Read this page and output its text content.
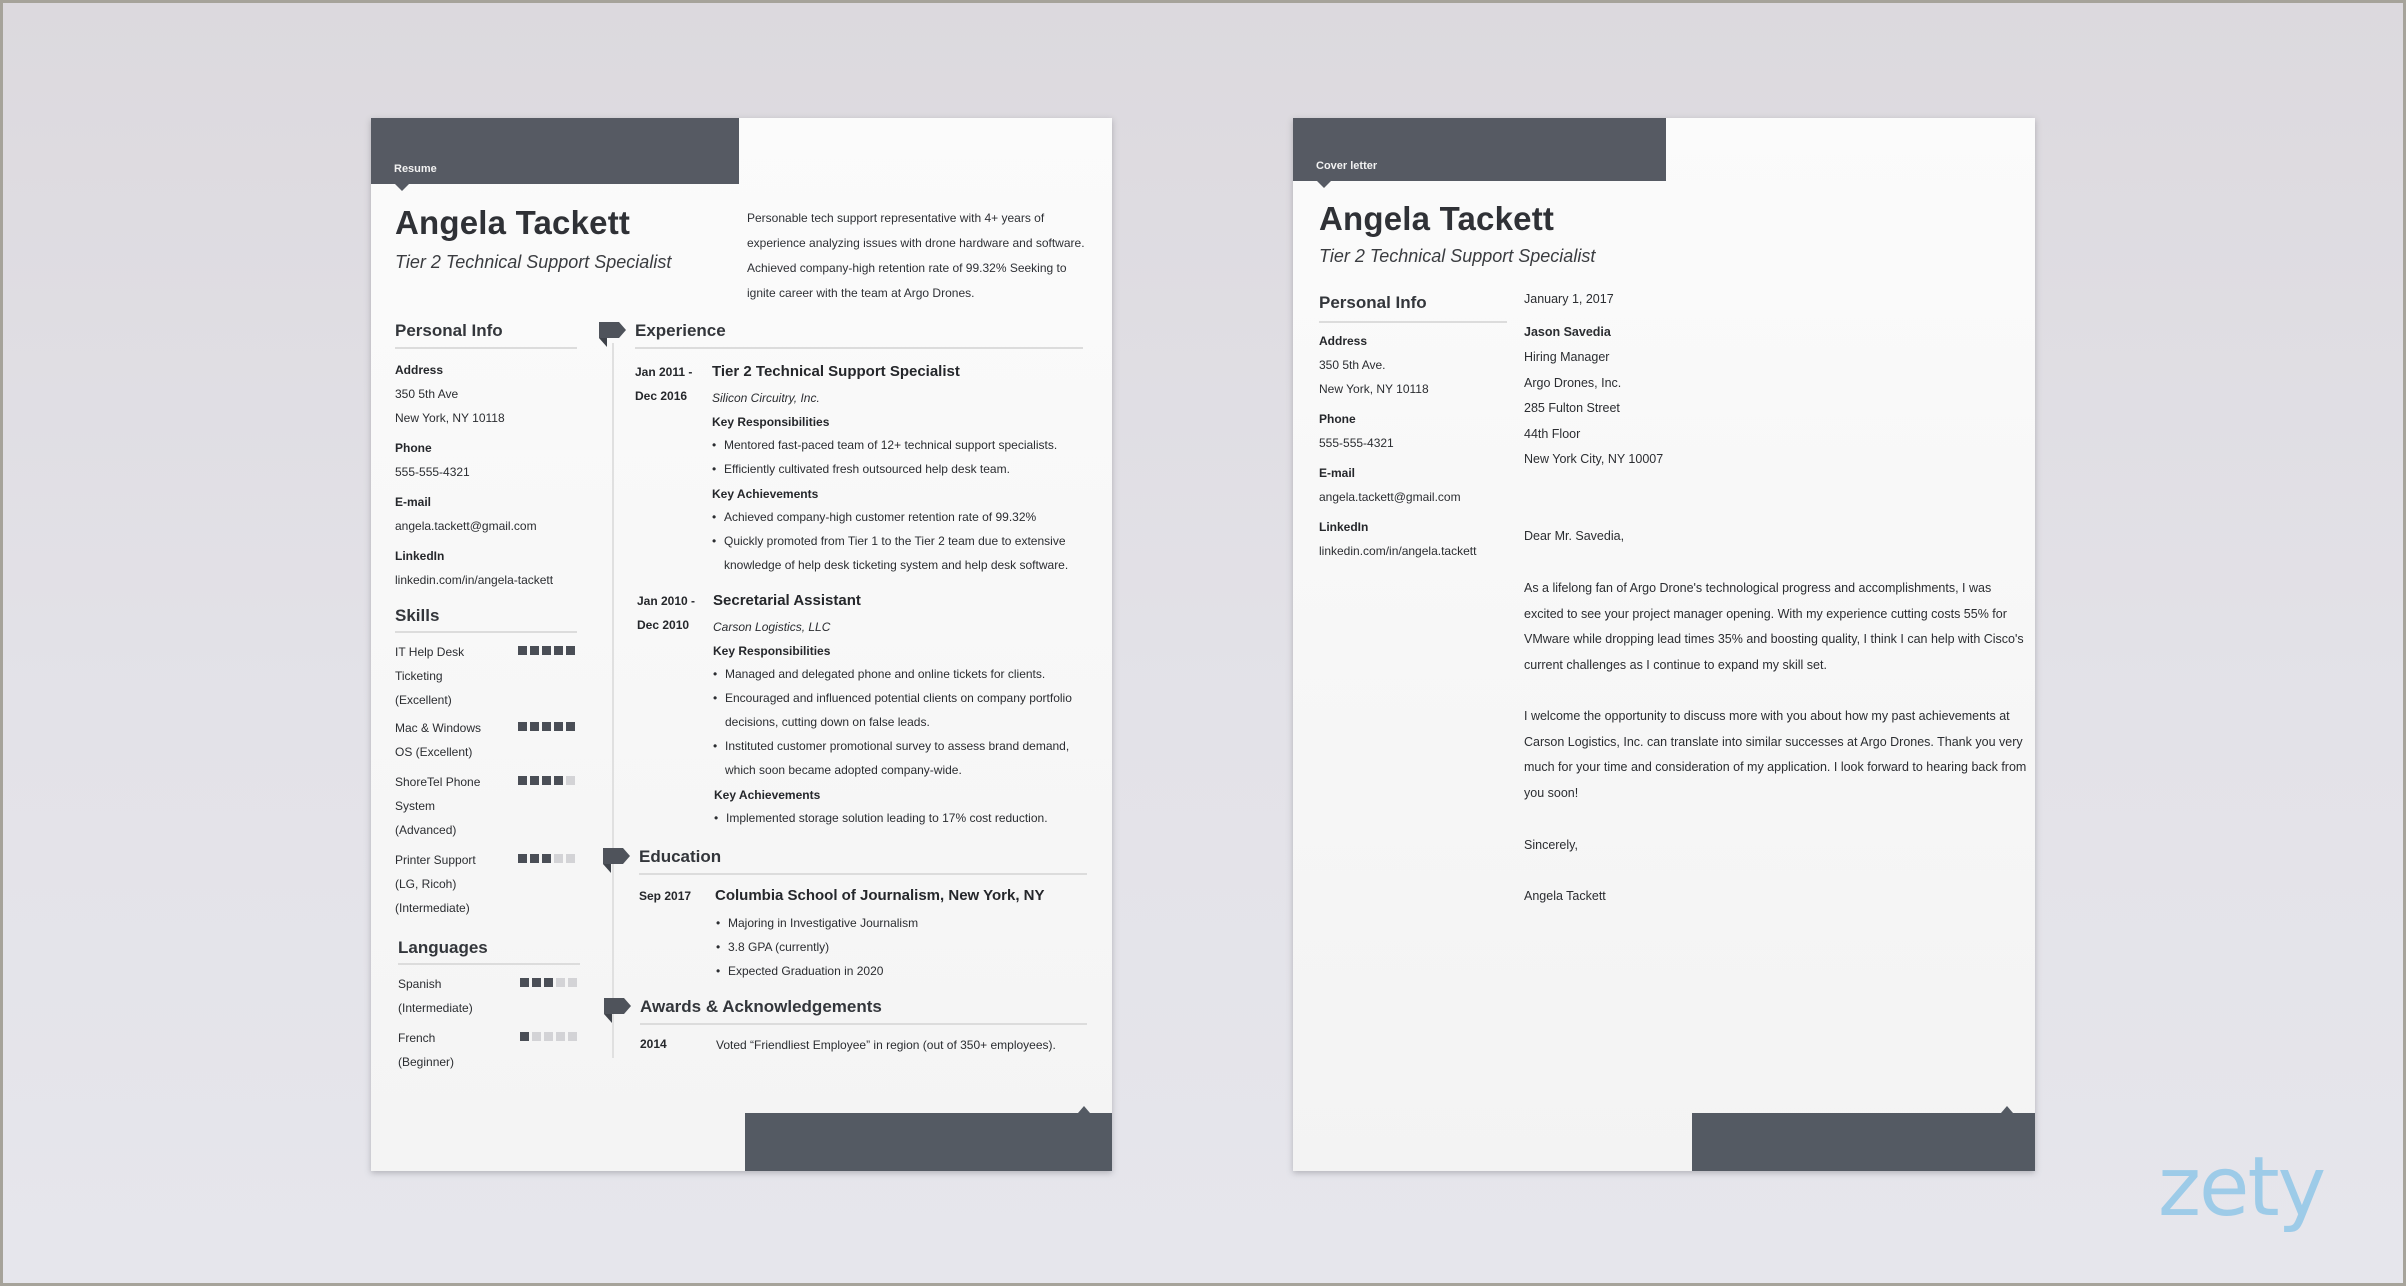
Resume
Angela Tackett
Tier 2 Technical Support Specialist
Personable tech support representative with 4+ years of experience analyzing issues with drone hardware and software. Achieved company-high retention rate of 99.32% Seeking to ignite career with the team at Argo Drones.
Personal Info
Address
350 5th Ave
New York, NY 10118
Phone
555-555-4321
E-mail
angela.tackett@gmail.com
LinkedIn
linkedin.com/in/angela-tackett
Skills
IT Help Desk Ticketing (Excellent)
Mac & Windows OS (Excellent)
ShoreTel Phone System (Advanced)
Printer Support (LG, Ricoh) (Intermediate)
Languages
Spanish (Intermediate)
French (Beginner)
Experience
Jan 2011 -
Dec 2016
Tier 2 Technical Support Specialist
Silicon Circuitry, Inc.
Key Responsibilities
• Mentored fast-paced team of 12+ technical support specialists.
• Efficiently cultivated fresh outsourced help desk team.
Key Achievements
• Achieved company-high customer retention rate of 99.32%
• Quickly promoted from Tier 1 to the Tier 2 team due to extensive knowledge of help desk ticketing system and help desk software.
Jan 2010 -
Dec 2010
Secretarial Assistant
Carson Logistics, LLC
Key Responsibilities
• Managed and delegated phone and online tickets for clients.
• Encouraged and influenced potential clients on company portfolio decisions, cutting down on false leads.
• Instituted customer promotional survey to assess brand demand, which soon became adopted company-wide.
Key Achievements
• Implemented storage solution leading to 17% cost reduction.
Education
Sep 2017 Columbia School of Journalism, New York, NY
• Majoring in Investigative Journalism
• 3.8 GPA (currently)
• Expected Graduation in 2020
Awards & Acknowledgements
2014	Voted “Friendliest Employee” in region (out of 350+ employees).
Cover letter
Angela Tackett
Tier 2 Technical Support Specialist
Personal Info
Address
350 5th Ave.
New York, NY 10118
Phone
555-555-4321
E-mail
angela.tackett@gmail.com
LinkedIn
linkedin.com/in/angela.tackett
January 1, 2017
Jason Savedia
Hiring Manager
Argo Drones, Inc.
285 Fulton Street
44th Floor
New York City, NY 10007
Dear Mr. Savedia,
As a lifelong fan of Argo Drone's technological progress and accomplishments, I was excited to see your project manager opening. With my experience cutting costs 55% for VMware while dropping lead times 35% and boosting quality, I think I can help with Cisco's current challenges as I continue to expand my skill set.
I welcome the opportunity to discuss more with you about how my past achievements at Carson Logistics, Inc. can translate into similar successes at Argo Drones. Thank you very much for your time and consideration of my application. I look forward to hearing back from you soon!
Sincerely,
Angela Tackett
zety
